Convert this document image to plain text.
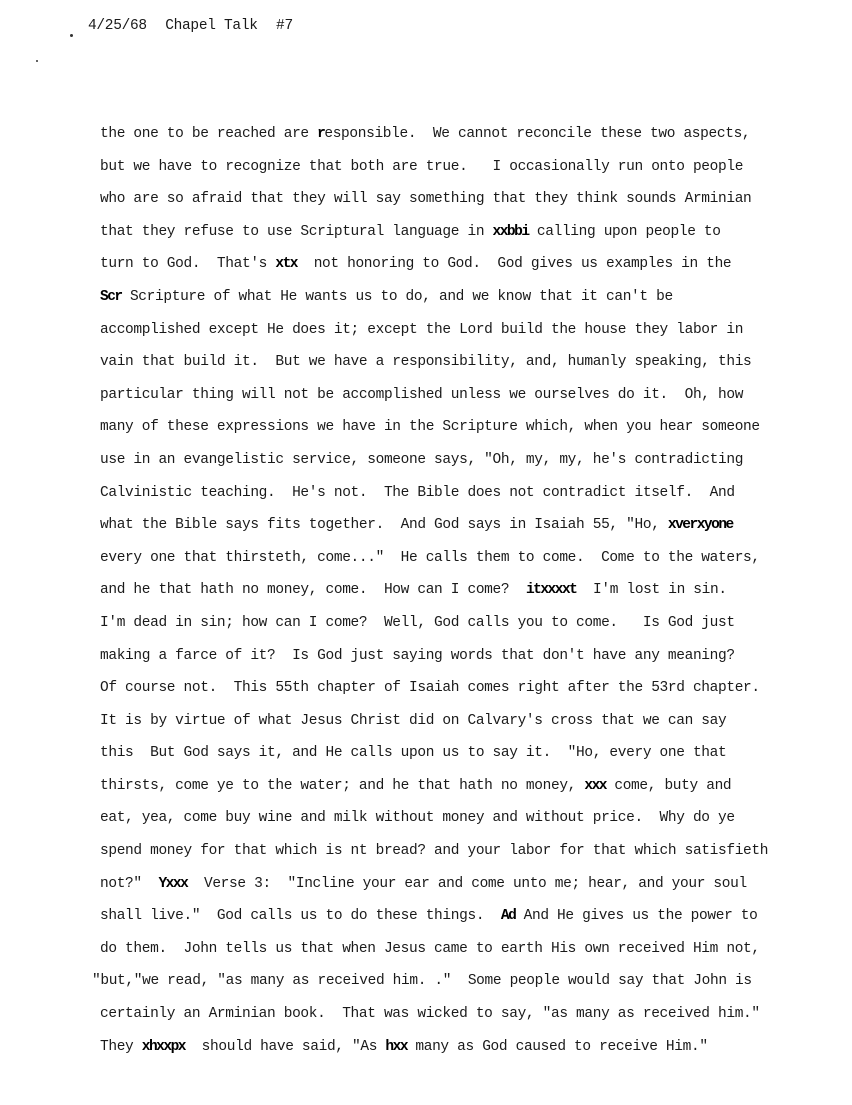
4/25/68 Chapel Talk #7
the one to be reached are responsible.  We cannot reconcile these two aspects,
but we have to recognize that both are true.   I occasionally run onto people
who are so afraid that they will say something that they think sounds Arminian
that they refuse to use Scriptural language in xxbbi calling upon people to
turn to God.  That's xtx  not honoring to God.  God gives us examples in the
Scr Scripture of what He wants us to do, and we know that it can't be
accomplished except He does it; except the Lord build the house they labor in
vain that build it.  But we have a responsibility, and, humanly speaking, this
particular thing will not be accomplished unless we ourselves do it.  Oh, how
many of these expressions we have in the Scripture which, when you hear someone
use in an evangelistic service, someone says, "Oh, my, my, he's contradicting
Calvinistic teaching.  He's not.  The Bible does not contradict itself.  And
what the Bible says fits together.  And God says in Isaiah 55, "Ho, xverxyone
every one that thirsteth, come..."  He calls them to come.  Come to the waters,
and he that hath no money, come.  How can I come?  itxxxxt  I'm lost in sin.
I'm dead in sin; how can I come?  Well, God calls you to come.   Is God just
making a farce of it?  Is God just saying words that don't have any meaning?
Of course not.  This 55th chapter of Isaiah comes right after the 53rd chapter.
It is by virtue of what Jesus Christ did on Calvary's cross that we can say
this  But God says it, and He calls upon us to say it.  "Ho, every one that
thirsts, come ye to the water; and he that hath no money, xxx come, buty and
eat, yea, come buy wine and milk without money and without price.  Why do ye
spend money for that which is nt bread? and your labor for that which satisfieth
not?"  Yxxx  Verse 3:  "Incline your ear and come unto me; hear, and your soul
shall live."  God calls us to do these things.  Ad And He gives us the power to
do them.  John tells us that when Jesus came to earth His own received Him not,
"but,"we read, "as many as received him. ."  Some people would say that John is
certainly an Arminian book.  That was wicked to say, "as many as received him."
They xhxxpx  should have said, "As hxx many as God caused to receive Him."
